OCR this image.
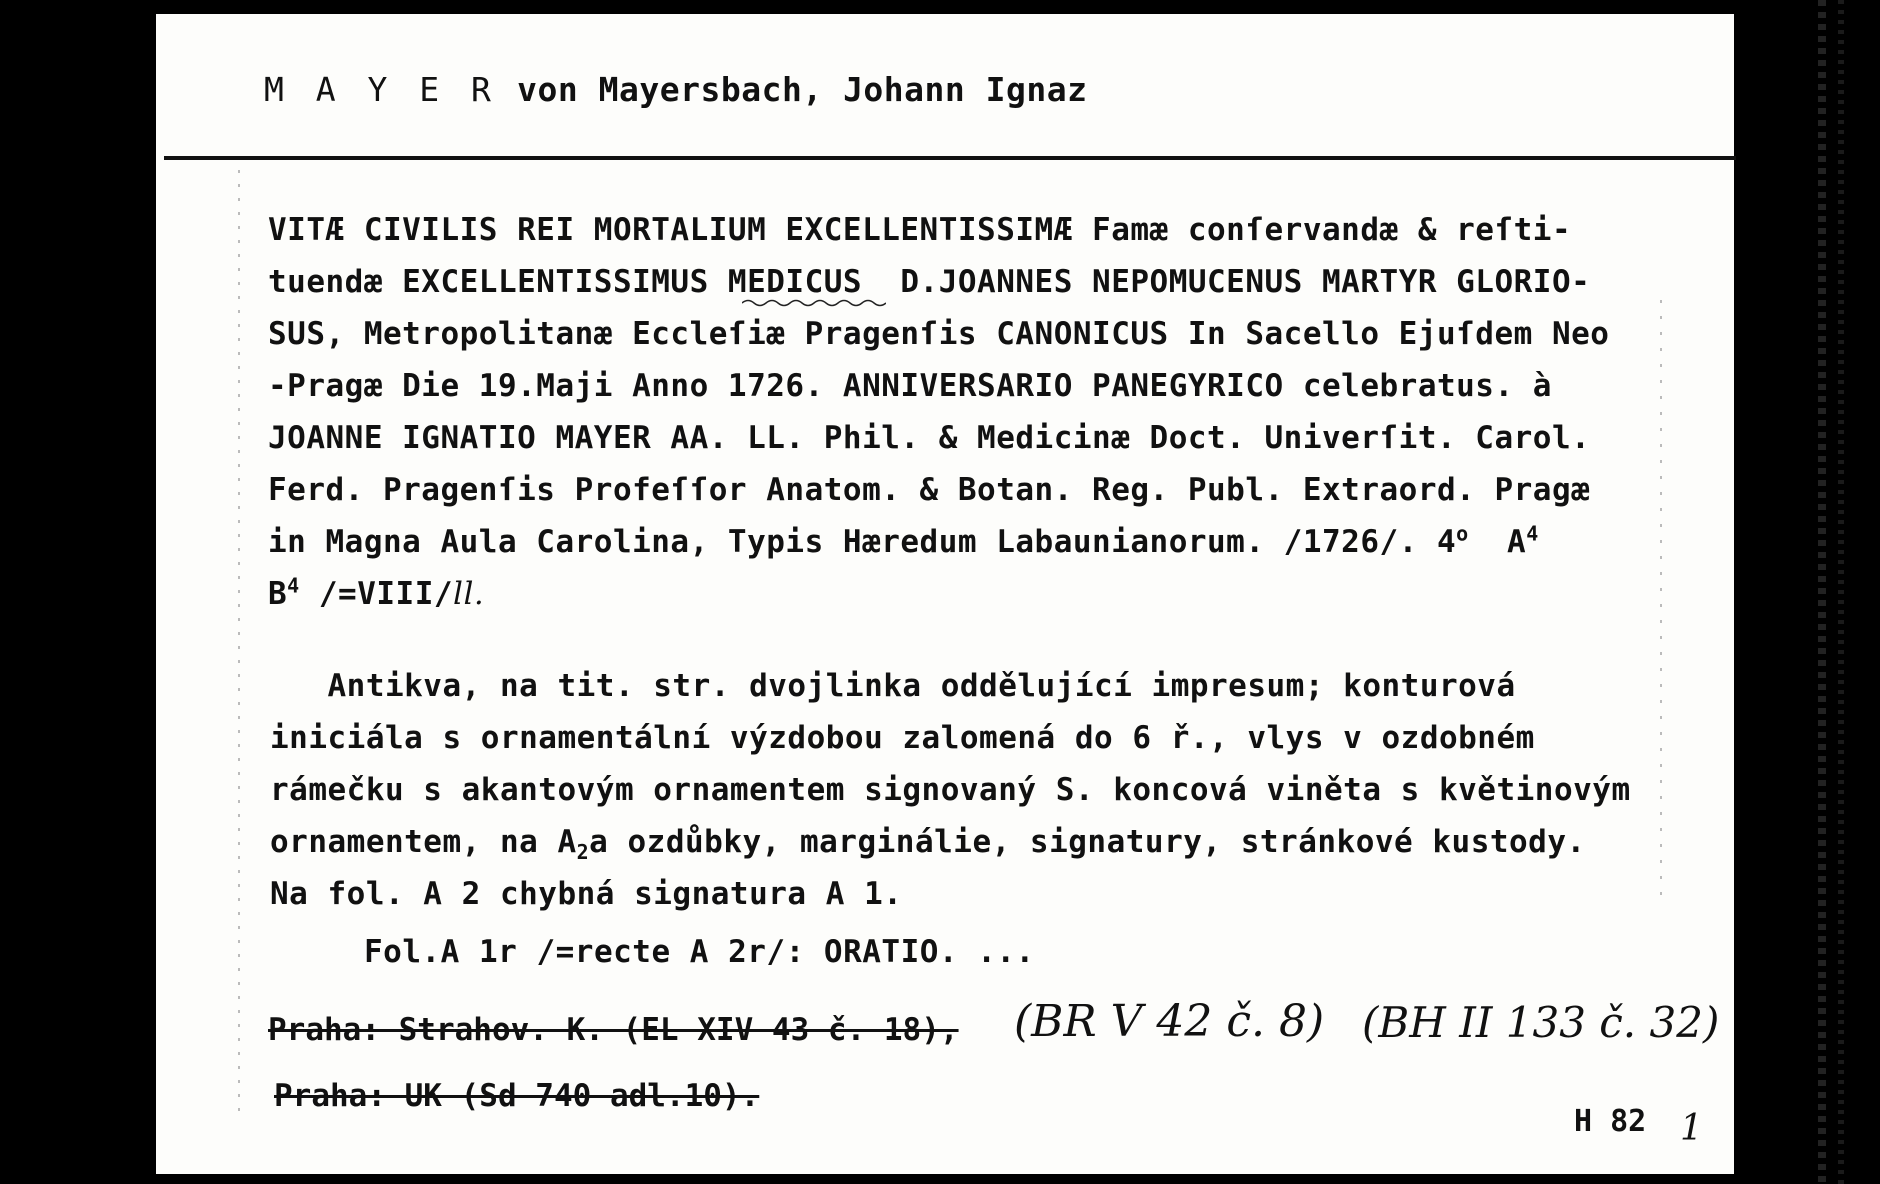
M A Y E R von Mayersbach, Johann Ignaz
VITÆ CIVILIS REI MORTALIUM EXCELLENTISSIMÆ Famæ conſervandæ & reſti-
tuendæ EXCELLENTISSIMUS MEDICUS  D.JOANNES NEPOMUCENUS MARTYR GLORIO-
SUS, Metropolitanæ Eccleſiæ Pragenſis CANONICUS In Sacello Ejuſdem Neo
-Pragæ Die 19.Maji Anno 1726. ANNIVERSARIO PANEGYRICO celebratus. à
JOANNE IGNATIO MAYER AA. LL. Phil. & Medicinæ Doct. Univerſit. Carol.
Ferd. Pragenſis Profeſſor Anatom. & Botan. Reg. Publ. Extraord. Pragæ
in Magna Aula Carolina, Typis Hæredum Labaunianorum. /1726/. 4$^o$ $A^4$
$B^4$ /=VIII/ll.
Antikva, na tit. str. dvojlinka oddělující impresum; konturová
iniciála s ornamentální výzdobou zalomená do 6 ř., vlys v ozdobném
rámečku s akantovým ornamentem signovaný S. koncová viněta s květinovým
ornamentem, na $A_2a$ ozdůbky, marginálie, signatury, stránkové kustody.
Na fol. A 2 chybná signatura A 1.
Fol.A 1r /=recte A 2r/: ORATIO. ...
Praha: Strahov. K. (EL XIV 43 č. 18),
Praha: UK (Sd 740 adl.10).
(BR V 42 č. 8) (BH II 133 č. 32)
H 82 1
